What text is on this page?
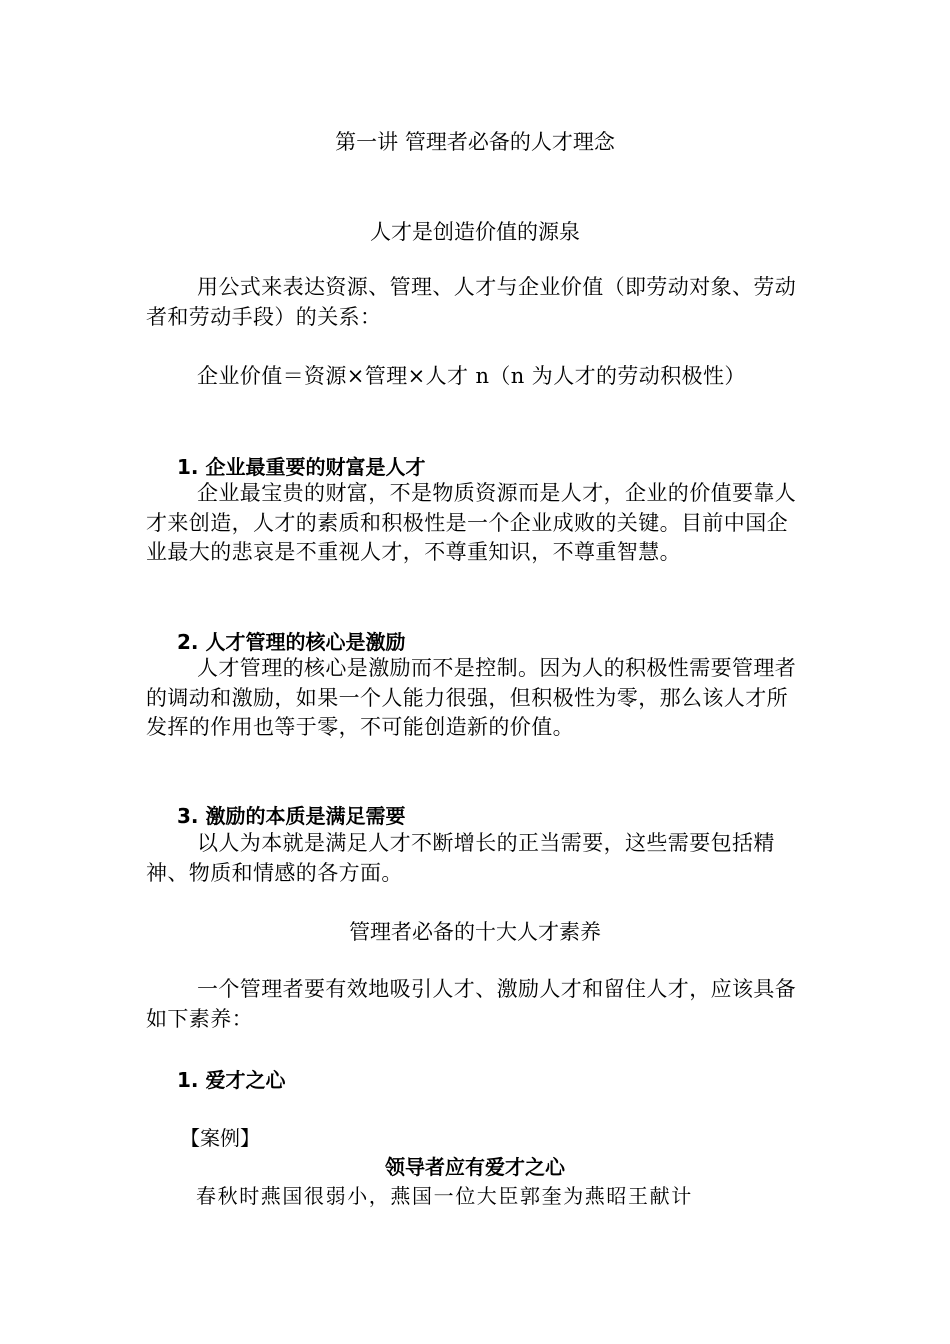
第一讲 管理者必备的人才理念

人才是创造价值的源泉

用公式来表达资源、管理、人才与企业价值（即劳动对象、劳动者和劳动手段）的关系：

企业价值＝资源×管理×人才 n（n 为人才的劳动积极性）

1. 企业最重要的财富是人才

企业最宝贵的财富，不是物质资源而是人才，企业的价值要靠人才来创造，人才的素质和积极性是一个企业成败的关键。目前中国企业最大的悲哀是不重视人才，不尊重知识，不尊重智慧。

2. 人才管理的核心是激励

人才管理的核心是激励而不是控制。因为人的积极性需要管理者的调动和激励，如果一个人能力很强，但积极性为零，那么该人才所发挥的作用也等于零，不可能创造新的价值。

3. 激励的本质是满足需要

以人为本就是满足人才不断增长的正当需要，这些需要包括精神、物质和情感的各方面。

管理者必备的十大人才素养

一个管理者要有效地吸引人才、激励人才和留住人才，应该具备如下素养：

1. 爱才之心

【案例】

领导者应有爱才之心

春秋时燕国很弱小，燕国一位大臣郭奎为燕昭王献计
